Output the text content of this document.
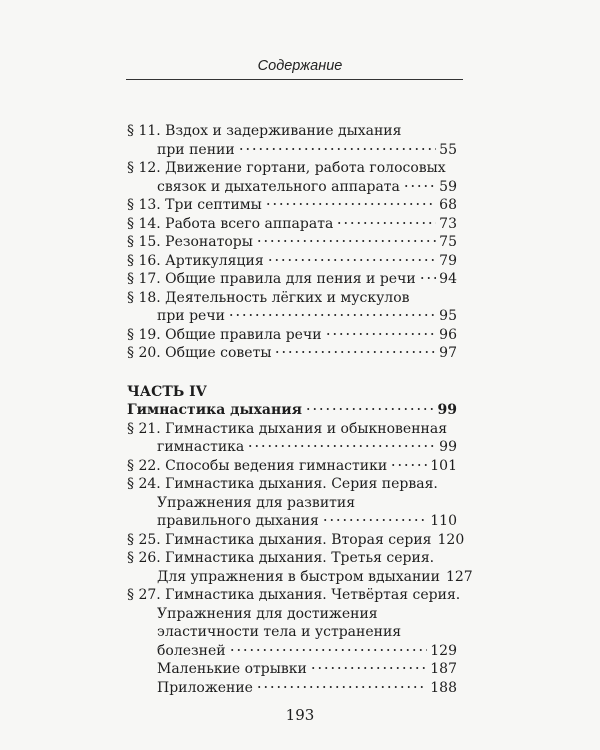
Содержание
§ 11. Вздох и задерживание дыхания
при пении	55
§ 12. Движение гортани, работа голосовых
связок и дыхательного аппарата	59
§ 13. Три септимы	68
§ 14. Работа всего аппарата	73
§ 15. Резонаторы	75
§ 16. Артикуляция	79
§ 17. Общие правила для пения и речи 94
§ 18. Деятельность лёгких и мускулов
при речи	95
§ 19. Общие правила речи	96
§ 20. Общие советы	97
ЧАСТЬ IV
Гимнастика дыхания	99
§ 21. Гимнастика дыхания и обыкновенная
гимнастика	99
§ 22. Способы ведения гимнастики	101
§ 24. Гимнастика дыхания. Серия первая.
Упражнения для развития
правильного дыхания	110
§ 25. Гимнастика дыхания. Вторая серия 120
§ 26. Гимнастика дыхания. Третья серия.
Для упражнения в быстром вдыхании 127
§ 27. Гимнастика дыхания. Четвёртая серия.
Упражнения для достижения
эластичности тела и устранения
болезней	129
Маленькие отрывки	187
Приложение	188
193
